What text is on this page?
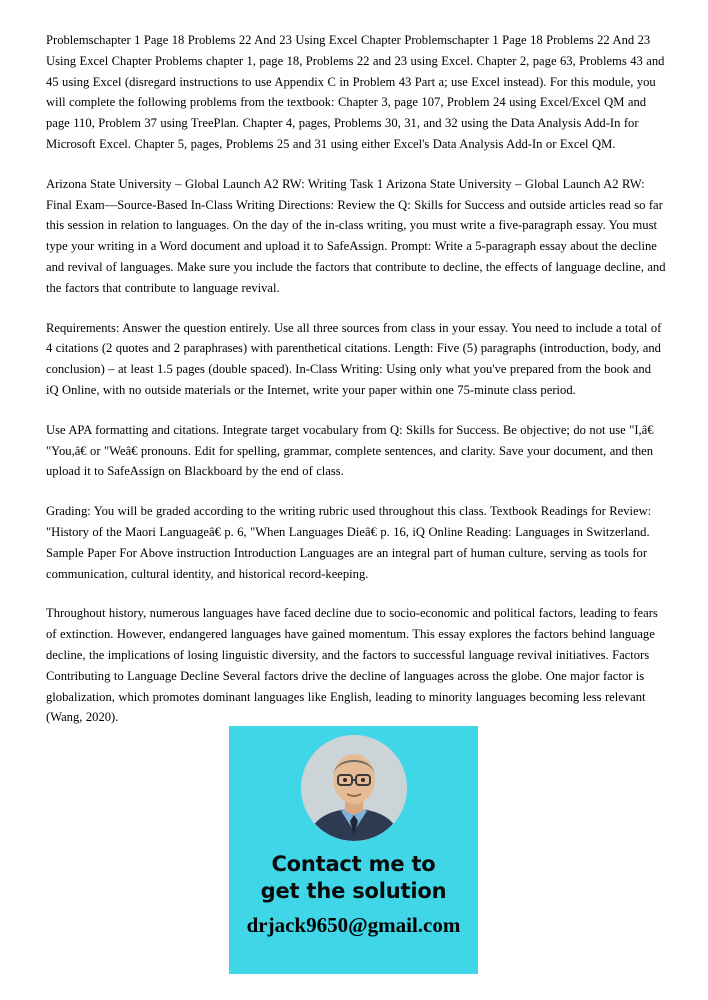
Problemschapter 1 Page 18 Problems 22 And 23 Using Excel Chapter Problemschapter 1 Page 18 Problems 22 And 23 Using Excel Chapter Problems chapter 1, page 18, Problems 22 and 23 using Excel. Chapter 2, page 63, Problems 43 and 45 using Excel (disregard instructions to use Appendix C in Problem 43 Part a; use Excel instead). For this module, you will complete the following problems from the textbook: Chapter 3, page 107, Problem 24 using Excel/Excel QM and page 110, Problem 37 using TreePlan. Chapter 4, pages, Problems 30, 31, and 32 using the Data Analysis Add-In for Microsoft Excel. Chapter 5, pages, Problems 25 and 31 using either Excel's Data Analysis Add-In or Excel QM.

Arizona State University – Global Launch A2 RW: Writing Task 1 Arizona State University – Global Launch A2 RW: Final Exam—Source-Based In-Class Writing Directions: Review the Q: Skills for Success and outside articles read so far this session in relation to languages. On the day of the in-class writing, you must write a five-paragraph essay. You must type your writing in a Word document and upload it to SafeAssign. Prompt: Write a 5-paragraph essay about the decline and revival of languages. Make sure you include the factors that contribute to decline, the effects of language decline, and the factors that contribute to language revival.

Requirements: Answer the question entirely. Use all three sources from class in your essay. You need to include a total of 4 citations (2 quotes and 2 paraphrases) with parenthetical citations. Length: Five (5) paragraphs (introduction, body, and conclusion) – at least 1.5 pages (double spaced). In-Class Writing: Using only what you've prepared from the book and iQ Online, with no outside materials or the Internet, write your paper within one 75-minute class period.

Use APA formatting and citations. Integrate target vocabulary from Q: Skills for Success. Be objective; do not use "I,â€ "You,â€ or "Weâ€ pronouns. Edit for spelling, grammar, complete sentences, and clarity. Save your document, and then upload it to SafeAssign on Blackboard by the end of class.

Grading: You will be graded according to the writing rubric used throughout this class. Textbook Readings for Review: "History of the Maori Languageâ€ p. 6, "When Languages Dieâ€ p. 16, iQ Online Reading: Languages in Switzerland. Sample Paper For Above instruction Introduction Languages are an integral part of human culture, serving as tools for communication, cultural identity, and historical record-keeping.

Throughout history, numerous languages have faced decline due to socio-economic and political factors, leading to fears of extinction. However, endangered languages have gained momentum. This essay explores the factors behind language decline, the implications of losing linguistic diversity, and the factors to successful language revival initiatives. Factors Contributing to Language Decline Several factors drive the decline of languages across the globe. One major factor is globalization, which promotes dominant languages like English, leading to minority languages becoming less relevant (Wang, 2020).

Contact me to
get the solution
drjack9650@gmail.com
